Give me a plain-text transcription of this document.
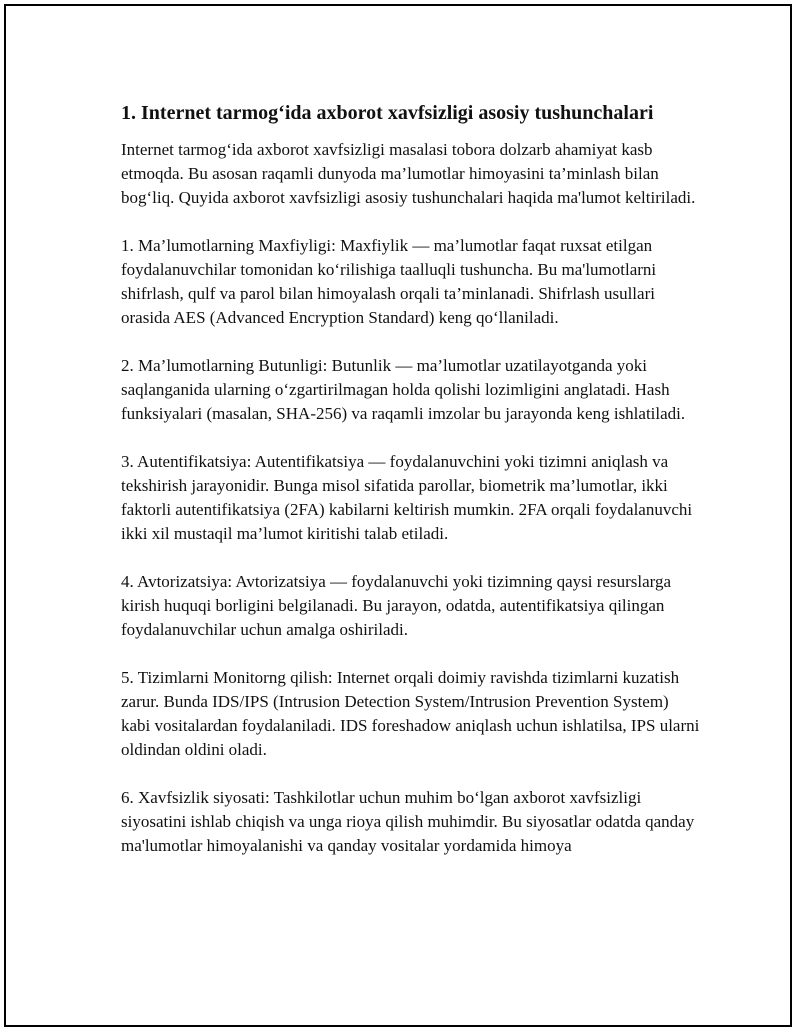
1. Internet tarmog‘ida axborot xavfsizligi asosiy tushunchalari

Internet tarmog‘ida axborot xavfsizligi masalasi tobora dolzarb ahamiyat kasb etmoqda. Bu asosan raqamli dunyoda ma’lumotlar himoyasini ta’minlash bilan bog‘liq. Quyida axborot xavfsizligi asosiy tushunchalari haqida ma'lumot keltiriladi.

1. Ma’lumotlarning Maxfiyligi: Maxfiylik — ma’lumotlar faqat ruxsat etilgan foydalanuvchilar tomonidan ko‘rilishiga taalluqli tushuncha. Bu ma'lumotlarni shifrlash, qulf va parol bilan himoyalash orqali ta’minlanadi. Shifrlash usullari orasida AES (Advanced Encryption Standard) keng qo‘llaniladi.

2. Ma’lumotlarning Butunligi: Butunlik — ma’lumotlar uzatilayotganda yoki saqlanganida ularning o‘zgartirilmagan holda qolishi lozimligini anglatadi. Hash funksiyalari (masalan, SHA-256) va raqamli imzolar bu jarayonda keng ishlatiladi.

3. Autentifikatsiya: Autentifikatsiya — foydalanuvchini yoki tizimni aniqlash va tekshirish jarayonidir. Bunga misol sifatida parollar, biometrik ma’lumotlar, ikki faktorli autentifikatsiya (2FA) kabilarni keltirish mumkin. 2FA orqali foydalanuvchi ikki xil mustaqil ma’lumot kiritishi talab etiladi.

4. Avtorizatsiya: Avtorizatsiya — foydalanuvchi yoki tizimning qaysi resurslarga kirish huquqi borligini belgilanadi. Bu jarayon, odatda, autentifikatsiya qilingan foydalanuvchilar uchun amalga oshiriladi.

5. Tizimlarni Monitorng qilish: Internet orqali doimiy ravishda tizimlarni kuzatish zarur. Bunda IDS/IPS (Intrusion Detection System/Intrusion Prevention System) kabi vositalardan foydalaniladi. IDS foreshadow aniqlash uchun ishlatilsa, IPS ularni oldindan oldini oladi.

6. Xavfsizlik siyosati: Tashkilotlar uchun muhim bo‘lgan axborot xavfsizligi siyosatini ishlab chiqish va unga rioya qilish muhimdir. Bu siyosatlar odatda qanday ma'lumotlar himoyalanishi va qanday vositalar yordamida himoya
